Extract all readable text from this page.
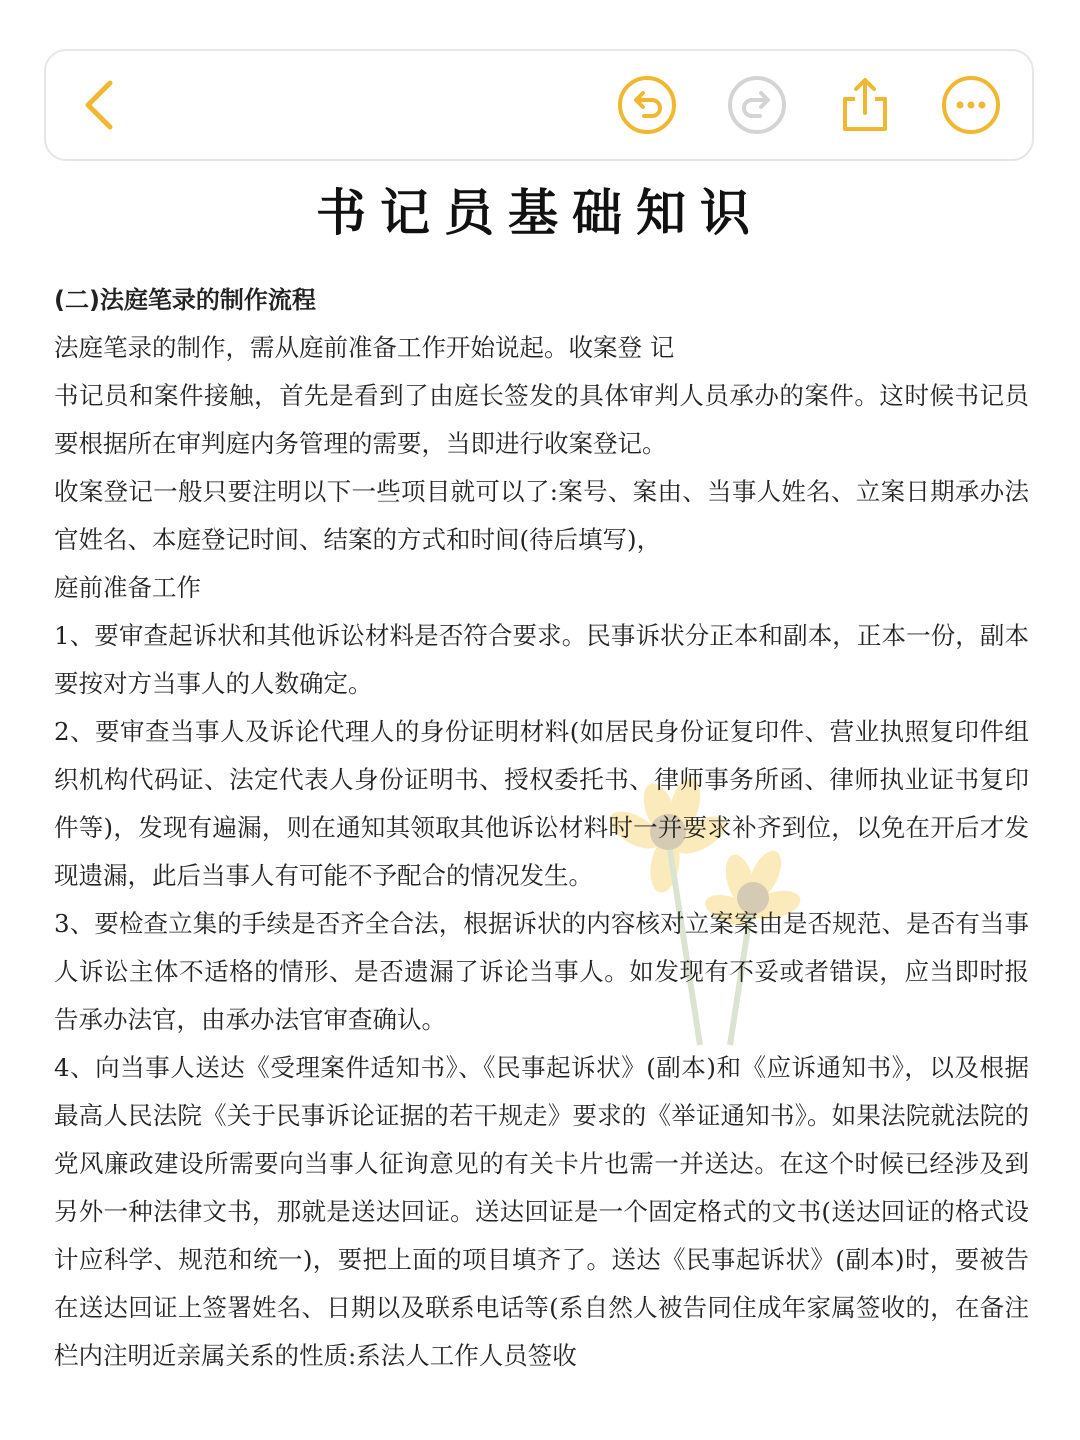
书记员基础知识

(二)法庭笔录的制作流程

法庭笔录的制作，需从庭前准备工作开始说起。收案登 记

书记员和案件接触，首先是看到了由庭长签发的具体审判人员承办的案件。这时候书记员要根据所在审判庭内务管理的需要，当即进行收案登记。

收案登记一般只要注明以下一些项目就可以了:案号、案由、当事人姓名、立案日期承办法官姓名、本庭登记时间、结案的方式和时间(待后填写)，

庭前准备工作

1、要审查起诉状和其他诉讼材料是否符合要求。民事诉状分正本和副本，正本一份，副本要按对方当事人的人数确定。

2、要审查当事人及诉论代理人的身份证明材料(如居民身份证复印件、营业执照复印件组织机构代码证、法定代表人身份证明书、授权委托书、律师事务所函、律师执业证书复印件等)，发现有遍漏，则在通知其领取其他诉讼材料时一并要求补齐到位，以免在开后才发现遗漏，此后当事人有可能不予配合的情况发生。

3、要检查立集的手续是否齐全合法，根据诉状的内容核对立案案由是否规范、是否有当事人诉讼主体不适格的情形、是否遗漏了诉论当事人。如发现有不妥或者错误，应当即时报告承办法官，由承办法官审查确认。

4、向当事人送达《受理案件适知书》、《民事起诉状》(副本)和《应诉通知书》，以及根据最高人民法院《关于民事诉论证据的若干规走》要求的《举证通知书》。如果法院就法院的党风廉政建设所需要向当事人征询意见的有关卡片也需一并送达。在这个时候已经涉及到另外一种法律文书，那就是送达回证。送达回证是一个固定格式的文书(送达回证的格式设计应科学、规范和统一)，要把上面的项目填齐了。送达《民事起诉状》(副本)时，要被告在送达回证上签署姓名、日期以及联系电话等(系自然人被告同住成年家属签收的，在备注栏内注明近亲属关系的性质:系法人工作人员签收
